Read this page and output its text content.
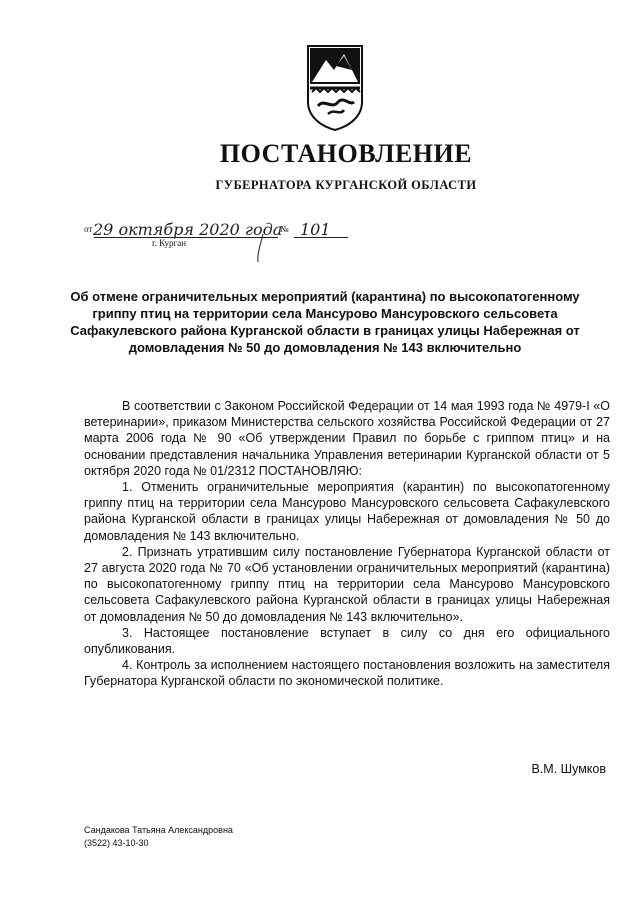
ПОСТАНОВЛЕНИЕ
ГУБЕРНАТОРА КУРГАНСКОЙ ОБЛАСТИ
от 29 октября 2020 года
№ 101
г. Курган

Об отмене ограничительных мероприятий (карантина) по высокопатогенному гриппу птиц на территории села Мансурово Мансуровского сельсовета Сафакулевского района Курганской области в границах улицы Набережная от домовладения № 50 до домовладения № 143 включительно

В соответствии с Законом Российской Федерации от 14 мая 1993 года № 4979-I «О ветеринарии», приказом Министерства сельского хозяйства Российской Федерации от 27 марта 2006 года № 90 «Об утверждении Правил по борьбе с гриппом птиц» и на основании представления начальника Управления ветеринарии Курганской области от 5 октября 2020 года № 01/2312 ПОСТАНОВЛЯЮ:

1. Отменить ограничительные мероприятия (карантин) по высокопатогенному гриппу птиц на территории села Мансурово Мансуровского сельсовета Сафакулевского района Курганской области в границах улицы Набережная от домовладения № 50 до домовладения № 143 включительно.

2. Признать утратившим силу постановление Губернатора Курганской области от 27 августа 2020 года № 70 «Об установлении ограничительных мероприятий (карантина) по высокопатогенному гриппу птиц на территории села Мансурово Мансуровского сельсовета Сафакулевского района Курганской области в границах улицы Набережная от домовладения № 50 до домовладения № 143 включительно».

3. Настоящее постановление вступает в силу со дня его официального опубликования.

4. Контроль за исполнением настоящего постановления возложить на заместителя Губернатора Курганской области по экономической политике.

В.М. Шумков
Сандакова Татьяна Александровна
(3522) 43-10-30
